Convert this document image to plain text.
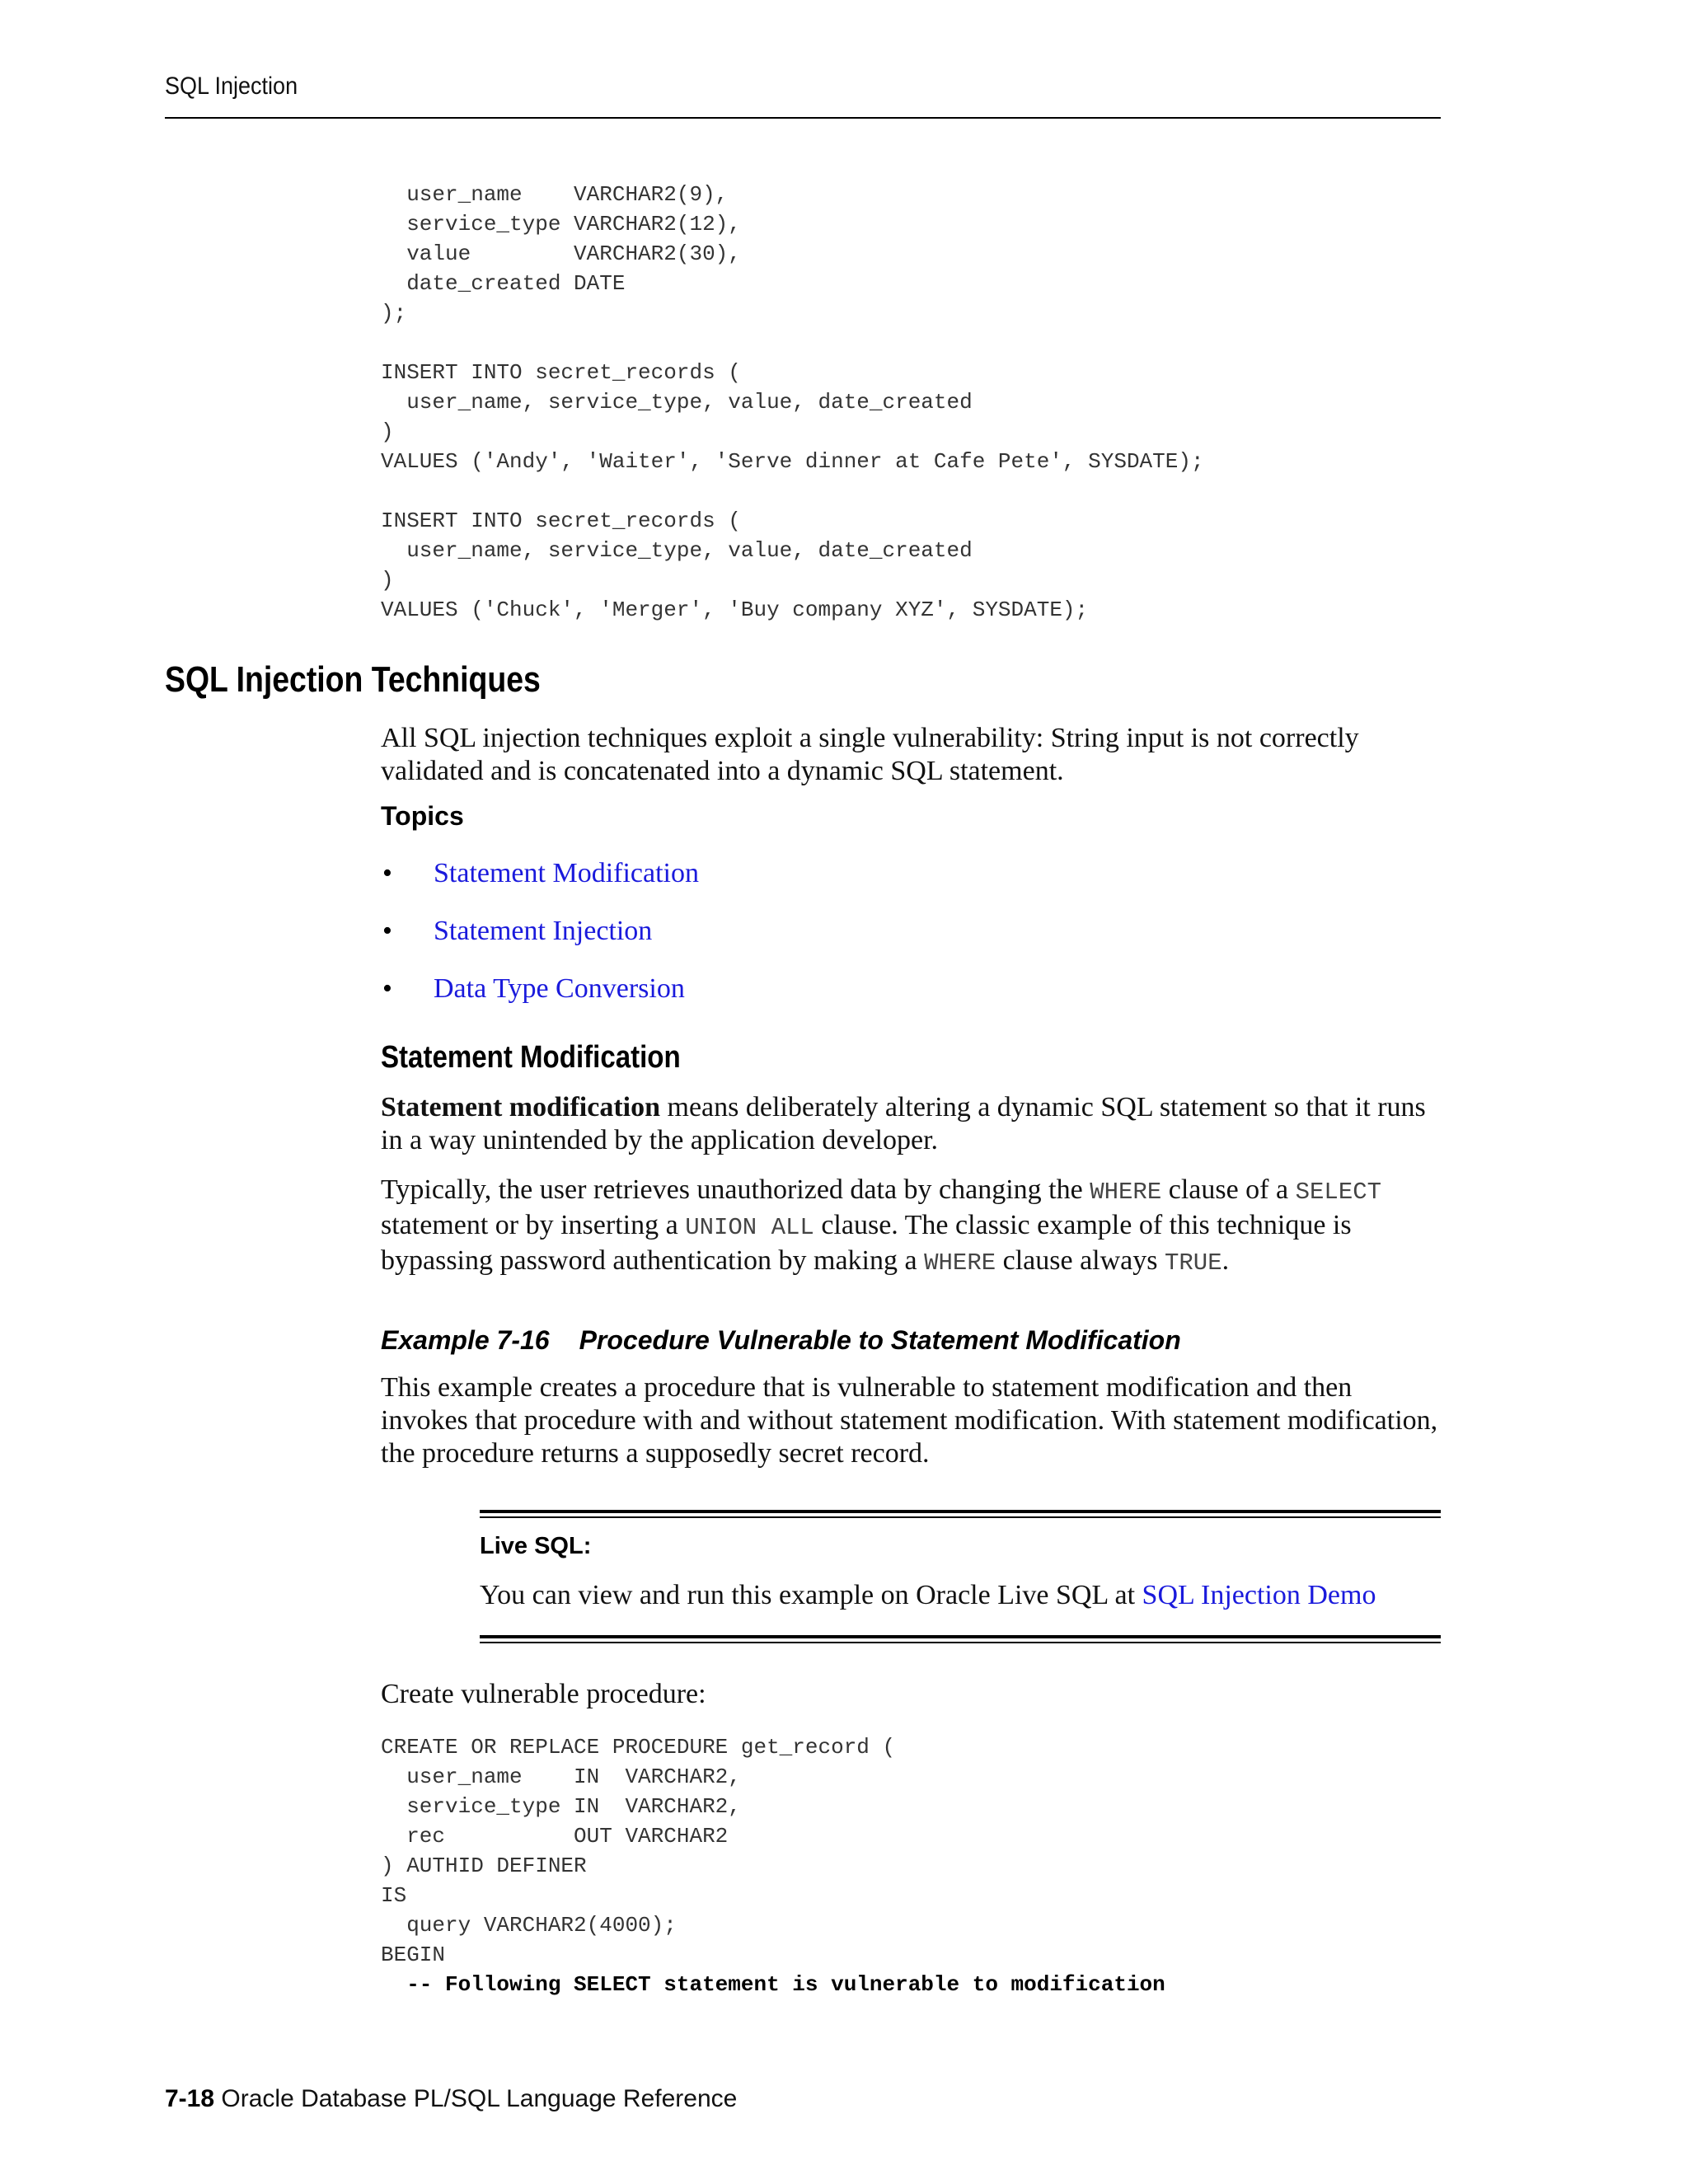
SQL Injection
user_name    VARCHAR2(9),
service_type VARCHAR2(12),
value        VARCHAR2(30),
date_created DATE
);

INSERT INTO secret_records (
user_name, service_type, value, date_created
)
VALUES ('Andy', 'Waiter', 'Serve dinner at Cafe Pete', SYSDATE);

INSERT INTO secret_records (
user_name, service_type, value, date_created
)
VALUES ('Chuck', 'Merger', 'Buy company XYZ', SYSDATE);
SQL Injection Techniques

All SQL injection techniques exploit a single vulnerability: String input is not correctly validated and is concatenated into a dynamic SQL statement.

Topics
• Statement Modification
• Statement Injection
• Data Type Conversion
Statement Modification

Statement modification means deliberately altering a dynamic SQL statement so that it runs in a way unintended by the application developer.

Typically, the user retrieves unauthorized data by changing the WHERE clause of a SELECT statement or by inserting a UNION ALL clause. The classic example of this technique is bypassing password authentication by making a WHERE clause always TRUE.

Example 7-16 Procedure Vulnerable to Statement Modification

This example creates a procedure that is vulnerable to statement modification and then invokes that procedure with and without statement modification. With statement modification, the procedure returns a supposedly secret record.

Live SQL:

You can view and run this example on Oracle Live SQL at SQL Injection Demo

Create vulnerable procedure:

CREATE OR REPLACE PROCEDURE get_record (
user_name    IN  VARCHAR2,
service_type IN  VARCHAR2,
rec          OUT VARCHAR2
) AUTHID DEFINER
IS
query VARCHAR2(4000);
BEGIN
-- Following SELECT statement is vulnerable to modification

7-18 Oracle Database PL/SQL Language Reference
